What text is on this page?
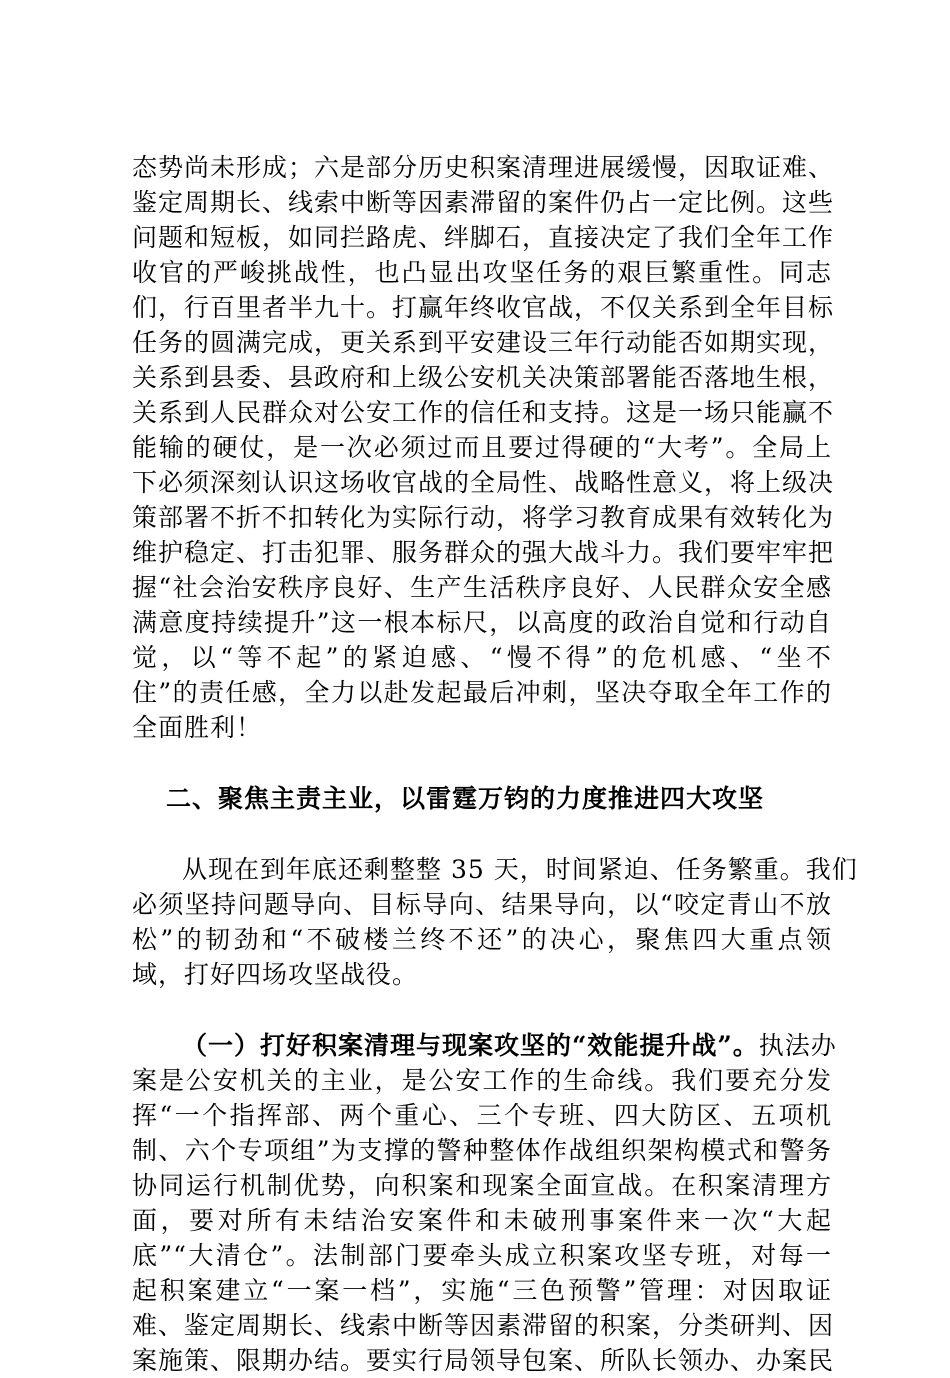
态势尚未形成；六是部分历史积案清理进展缓慢，因取证难、
鉴定周期长、线索中断等因素滞留的案件仍占一定比例。这些
问题和短板，如同拦路虎、绊脚石，直接决定了我们全年工作
收官的严峻挑战性，也凸显出攻坚任务的艰巨繁重性。同志
们，行百里者半九十。打赢年终收官战，不仅关系到全年目标
任务的圆满完成，更关系到平安建设三年行动能否如期实现，
关系到县委、县政府和上级公安机关决策部署能否落地生根，
关系到人民群众对公安工作的信任和支持。这是一场只能赢不
能输的硬仗，是一次必须过而且要过得硬的“大考”。全局上
下必须深刻认识这场收官战的全局性、战略性意义，将上级决
策部署不折不扣转化为实际行动，将学习教育成果有效转化为
维护稳定、打击犯罪、服务群众的强大战斗力。我们要牢牢把
握“社会治安秩序良好、生产生活秩序良好、人民群众安全感
满意度持续提升”这一根本标尺，以高度的政治自觉和行动自
觉，以“等不起”的紧迫感、“慢不得”的危机感、“坐不
住”的责任感，全力以赴发起最后冲刺，坚决夺取全年工作的
全面胜利！
二、聚焦主责主业，以雷霆万钧的力度推进四大攻坚
从现在到年底还剩整整 35 天，时间紧迫、任务繁重。我们
必须坚持问题导向、目标导向、结果导向，以“咬定青山不放
松”的韧劲和“不破楼兰终不还”的决心，聚焦四大重点领
域，打好四场攻坚战役。
（一）打好积案清理与现案攻坚的“效能提升战”。执法办
案是公安机关的主业，是公安工作的生命线。我们要充分发
挥“一个指挥部、两个重心、三个专班、四大防区、五项机
制、六个专项组”为支撑的警种整体作战组织架构模式和警务
协同运行机制优势，向积案和现案全面宣战。在积案清理方
面，要对所有未结治安案件和未破刑事案件来一次“大起
底”“大清仓”。法制部门要牵头成立积案攻坚专班，对每一
起积案建立“一案一档”，实施“三色预警”管理：对因取证
难、鉴定周期长、线索中断等因素滞留的积案，分类研判、因
案施策、限期办结。要实行局领导包案、所队长领办、办案民
